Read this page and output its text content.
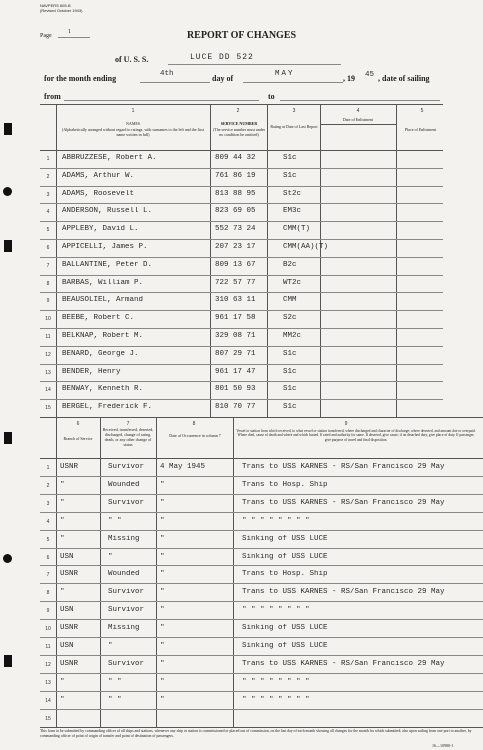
NAVPERS 605-B
(Revised October 1943)
Page
1	REPORT OF CHANGES
of U. S. S.	LUCE DD 522
for the month ending	4th	day of	MAY	, 19 45 , date of sailing
from	to
1	2	3	4	5
NAMES
(Alphabetically arranged without regard to ratings, with surnames to the left and the first name written in full)
SERVICE NUMBER
(The service number must under no condition be omitted)
Rating at Date of Last Report
Date of Enlistment
Place of Enlistment
1	ABBRUZZESE, Robert A.	809 44 32	S1c
2	ADAMS, Arthur W.	761 86 19	S1c
3	ADAMS, Roosevelt	813 88 95	St2c
4	ANDERSON, Russell L.	823 69 05	EM3c
5	APPLEBY, David L.	552 73 24	CMM(T)
6	APPICELLI, James P.	207 23 17	CMM(AA)(T)
7	BALLANTINE, Peter D.	809 13 67	B2c
8	BARBAS, William P.	722 57 77	WT2c
9	BEAUSOLIEL, Armand	310 63 11	CMM
10	BEEBE, Robert C.	961 17 58	S2c
11	BELKNAP, Robert M.	329 08 71	MM2c
12	BENARD, George J.	807 29 71	S1c
13	BENDER, Henry	961 17 47	S1c
14	BENWAY, Kenneth R.	801 50 93	S1c
15	BERGEL, Frederick F.	810 70 77	S1c
6	7	8	9
Branch of Service
Received, transferred, deserted, discharged, change of rating, death, or any other change of status
Date of Occurrence in column 7
Vessel or station from which received, to what vessel or station transferred, where discharged and character of discharge; where deserted, and amount due or overpaid. Where died, cause of death and where and which buried. If rated and authority for same. If deserted, give cause; if on detached duty, give place of duty. If passenger, give purpose of travel and final disposition.
1	USNR	Survivor	4 May 1945	Trans to USS KARNES - RS/San Francisco 29 May
2	"	Wounded	"	Trans to Hosp. Ship
3	"	Survivor	"	Trans to USS KARNES - RS/San Francisco 29 May
4	"	" "	"	" " " " " " " "
5	"	Missing	"	Sinking of USS LUCE
6	USN	"	"	Sinking of USS LUCE
7	USNR	Wounded	"	Trans to Hosp. Ship
8	"	Survivor	"	Trans to USS KARNES - RS/San Francisco 29 May
9	USN	Survivor	"	" " " " " " " "
10	USNR	Missing	"	Sinking of USS LUCE
11	USN	"	"	Sinking of USS LUCE
12	USNR	Survivor	"	Trans to USS KARNES - RS/San Francisco 29 May
13	"	" "	"	" " " " " " " "
14	"	" "	"	" " " " " " " "
15
This form to be submitted by commanding officer of all ships and stations, whenever any ship or station is commissioned or placed out of commission, on the last day of each month showing all changes for the month for which submitted; also upon sailing from one port to another, by commanding officer of point of origin of transfer and point of destination of passengers.
16—10980-1
